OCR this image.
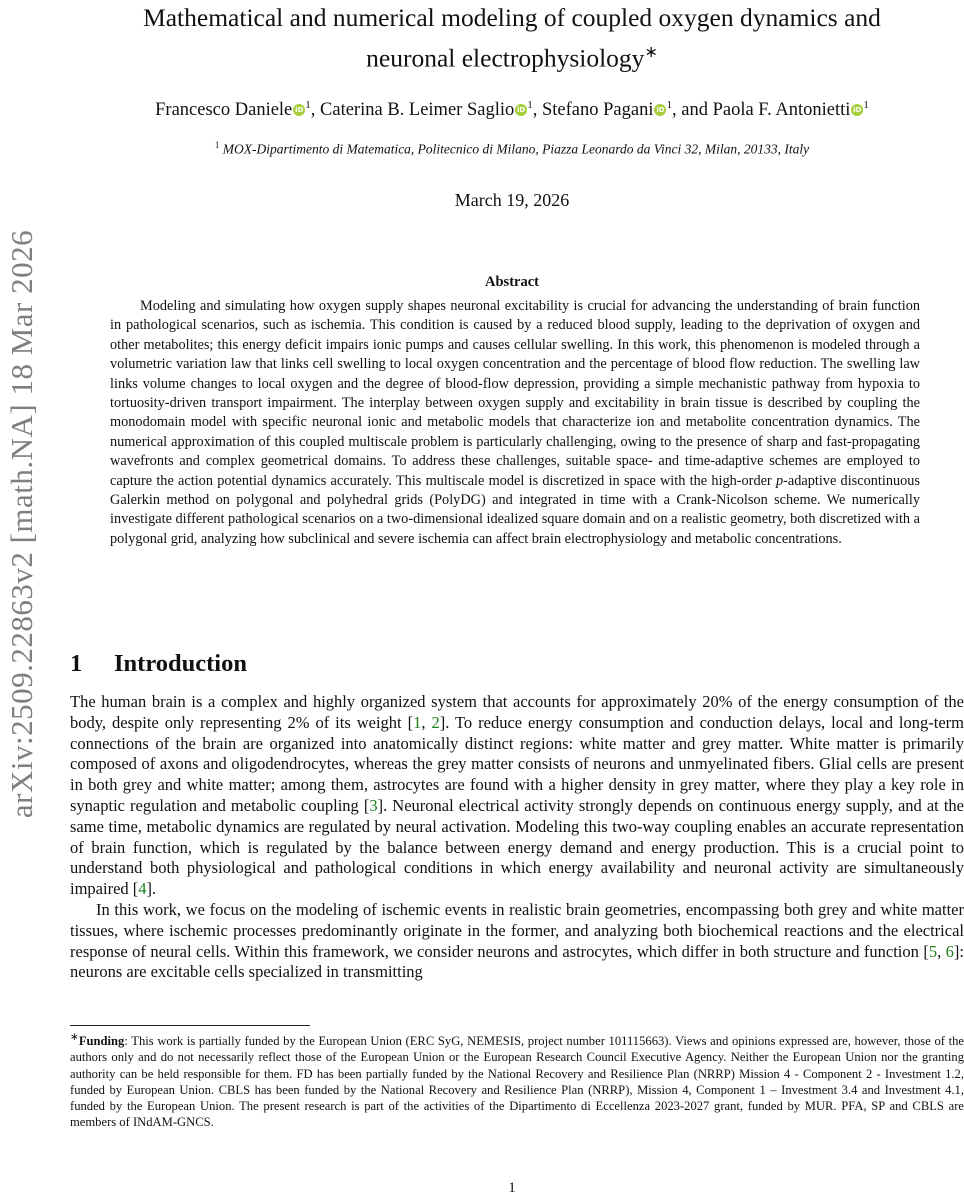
arXiv:2509.22863v2 [math.NA] 18 Mar 2026
Mathematical and numerical modeling of coupled oxygen dynamics and
neuronal electrophysiology∗
Francesco Daniele iD $^1$, Caterina B. Leimer Saglio iD $^1$, Stefano Pagani iD $^1$, and Paola F. Antonietti iD $^1$
$^1$ MOX-Dipartimento di Matematica, Politecnico di Milano, Piazza Leonardo da Vinci 32, Milan, 20133, Italy
March 19, 2026
Abstract
Modeling and simulating how oxygen supply shapes neuronal excitability is crucial for advancing the understanding of brain function in pathological scenarios, such as ischemia. This condition is caused by a reduced blood supply, leading to the deprivation of oxygen and other metabolites; this energy deficit impairs ionic pumps and causes cellular swelling. In this work, this phenomenon is modeled through a volumetric variation law that links cell swelling to local oxygen concentration and the percentage of blood flow reduction. The swelling law links volume changes to local oxygen and the degree of blood-flow depression, providing a simple mechanistic pathway from hypoxia to tortuosity-driven transport impairment. The interplay between oxygen supply and excitability in brain tissue is described by coupling the monodomain model with specific neuronal ionic and metabolic models that characterize ion and metabolite concentration dynamics. The numerical approximation of this coupled multiscale problem is particularly challenging, owing to the presence of sharp and fast-propagating wavefronts and complex geometrical domains. To address these challenges, suitable space- and time-adaptive schemes are employed to capture the action potential dynamics accurately. This multiscale model is discretized in space with the high-order p-adaptive discontinuous Galerkin method on polygonal and polyhedral grids (PolyDG) and integrated in time with a Crank-Nicolson scheme. We numerically investigate different pathological scenarios on a two-dimensional idealized square domain and on a realistic geometry, both discretized with a polygonal grid, analyzing how subclinical and severe ischemia can affect brain electrophysiology and metabolic concentrations.
1 Introduction

The human brain is a complex and highly organized system that accounts for approximately 20% of the energy consumption of the body, despite only representing 2% of its weight [1, 2]. To reduce energy consumption and conduction delays, local and long-term connections of the brain are organized into anatomically distinct regions: white matter and grey matter. White matter is primarily composed of axons and oligodendrocytes, whereas the grey matter consists of neurons and unmyelinated fibers. Glial cells are present in both grey and white matter; among them, astrocytes are found with a higher density in grey matter, where they play a key role in synaptic regulation and metabolic coupling [3]. Neuronal electrical activity strongly depends on continuous energy supply, and at the same time, metabolic dynamics are regulated by neural activation. Modeling this two-way coupling enables an accurate representation of brain function, which is regulated by the balance between energy demand and energy production. This is a crucial point to understand both physiological and pathological conditions in which energy availability and neuronal activity are simultaneously impaired [4].

In this work, we focus on the modeling of ischemic events in realistic brain geometries, encompassing both grey and white matter tissues, where ischemic processes predominantly originate in the former, and analyzing both biochemical reactions and the electrical response of neural cells. Within this framework, we consider neurons and astrocytes, which differ in both structure and function [5, 6]: neurons are excitable cells specialized in transmitting

∗Funding: This work is partially funded by the European Union (ERC SyG, NEMESIS, project number 101115663). Views and opinions expressed are, however, those of the authors only and do not necessarily reflect those of the European Union or the European Research Council Executive Agency. Neither the European Union nor the granting authority can be held responsible for them. FD has been partially funded by the National Recovery and Resilience Plan (NRRP) Mission 4 - Component 2 - Investment 1.2, funded by European Union. CBLS has been funded by the National Recovery and Resilience Plan (NRRP), Mission 4, Component 1 – Investment 3.4 and Investment 4.1, funded by the European Union. The present research is part of the activities of the Dipartimento di Eccellenza 2023-2027 grant, funded by MUR. PFA, SP and CBLS are members of INdAM-GNCS.
1
